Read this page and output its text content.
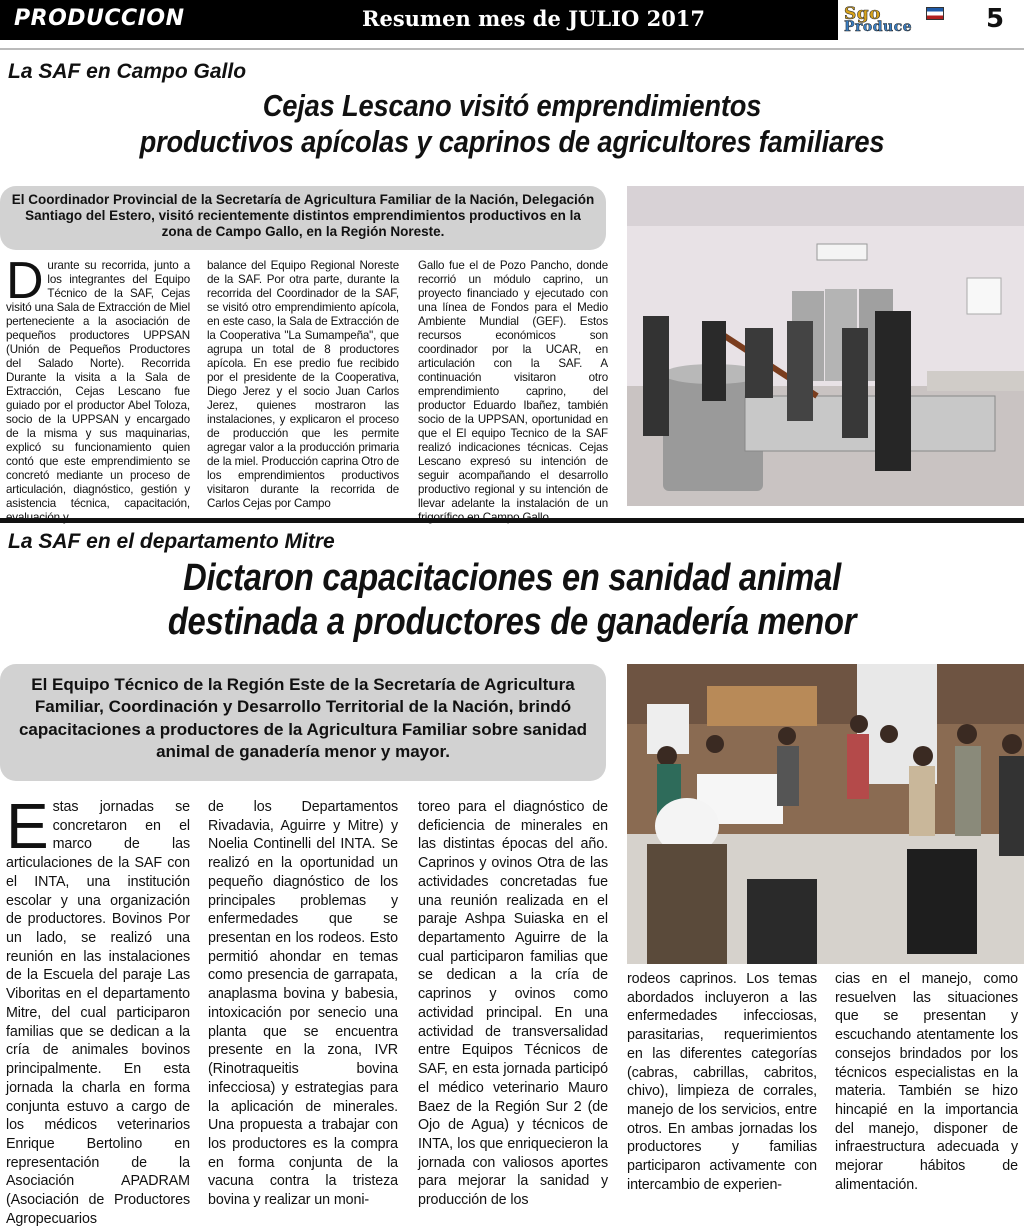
PRODUCCION	Resumen mes de JULIO 2017	Sgo
Produce	5
La SAF en Campo Gallo
Cejas Lescano visitó emprendimientos
productivos apícolas y caprinos de agricultores familiares
El Coordinador Provincial de la Secretaría de Agricultura Familiar de la Nación, Delegación Santiago del Estero, visitó recientemente distintos emprendimientos productivos en la zona de Campo Gallo, en la Región Noreste.
Durante su recorrida, junto a los integrantes del Equipo Técnico de la SAF, Cejas visitó una Sala de Extracción de Miel perteneciente a la asociación de pequeños productores UPPSAN (Unión de Pequeños Productores del Salado Norte). Recorrida Durante la visita a la Sala de Extracción, Cejas Lescano fue guiado por el productor Abel Toloza, socio de la UPPSAN y encargado de la misma y sus maquinarias, explicó su funcionamiento quien contó que este emprendimiento se concretó mediante un proceso de articulación, diagnóstico, gestión y asistencia técnica, capacitación,
balance del Equipo Regional Noreste de la SAF. Por otra parte, durante la recorrida del Coordinador de la SAF, se visitó otro emprendimiento apícola, en este caso, la Sala de Extracción de la Cooperativa "La Sumampeña", que agrupa un total de 8 productores apícola. En ese predio fue recibido por el presidente de la Cooperativa, Diego Jerez y el socio Juan Carlos Jerez, quienes mostraron las instalaciones, y explicaron el proceso de producción que les permite agregar valor a la producción primaria de la miel. Producción caprina Otro de los emprendimientos productivos visitaron durante la recorrida de Carlos Cejas por Campo
Gallo fue el de Pozo Pancho, donde recorrió un módulo caprino, un proyecto financiado y ejecutado con una línea de Fondos para el Medio Ambiente Mundial (GEF). Estos recursos económicos son coordinador por la UCAR, en articulación con la SAF. A continuación visitaron otro emprendimiento caprino, del productor Eduardo Ibañez, también socio de la UPPSAN, oportunidad en que el El equipo Tecnico de la SAF realizó indicaciones técnicas. Cejas Lescano expresó su intención de seguir acompañando el desarrollo productivo regional y su intención de llevar adelante la instalación de un
La SAF en el departamento Mitre
Dictaron capacitaciones en sanidad animal
destinada a productores de ganadería menor
El Equipo Técnico de la Región Este de la Secretaría de Agricultura Familiar, Coordinación y Desarrollo Territorial de la Nación, brindó capacitaciones a productores de la Agricultura Familiar sobre sanidad animal de ganadería menor y mayor.
Estas jornadas se concretaron en el marco de las articulaciones de la SAF con el INTA, una institución escolar y una organización de productores. Bovinos Por un lado, se realizó una reunión en las instalaciones de la Escuela del paraje Las Viboritas en el departamento Mitre, del cual participaron familias que se dedican a la cría de animales bovinos principalmente. En esta jornada la charla en forma conjunta estuvo a cargo de los médicos veterinarios Enrique Bertolino en representación de la Asociación APADRAM (Asociación de Productores Agropecuarios
de los Departamentos Rivadavia, Aguirre y Mitre) y Noelia Continelli del INTA. Se realizó en la oportunidad un pequeño diagnóstico de los principales problemas y enfermedades que se presentan en los rodeos. Esto permitió ahondar en temas como presencia de garrapata, anaplasma bovina y babesia, intoxicación por senecio una planta que se encuentra presente en la zona, IVR (Rinotraqueitis bovina infecciosa) y estrategias para la aplicación de minerales. Una propuesta a trabajar con los productores es la compra en forma conjunta de la vacuna contra la tristeza bovina y realizar un moni-
toreo para el diagnóstico de deficiencia de minerales en las distintas épocas del año. Caprinos y ovinos Otra de las actividades concretadas fue una reunión realizada en el paraje Ashpa Suiaska en el departamento Aguirre de la cual participaron familias que se dedican a la cría de caprinos y ovinos como actividad principal. En una actividad de transversalidad entre Equipos Técnicos de SAF, en esta jornada participó el médico veterinario Mauro Baez de la Región Sur 2 (de Ojo de Agua) y técnicos de INTA, los que enriquecieron la jornada con valiosos aportes para mejorar la sanidad y producción de los
rodeos caprinos. Los temas abordados incluyeron a las enfermedades infecciosas, parasitarias, requerimientos en las diferentes categorías (cabras, cabrillas, cabritos, chivo), limpieza de corrales, manejo de los servicios, entre otros. En ambas jornadas los productores y familias participaron activamente con intercambio de experien-
cias en el manejo, como resuelven las situaciones que se presentan y escuchando atentamente los consejos brindados por los técnicos especialistas en la materia. También se hizo hincapié en la importancia del manejo, disponer de infraestructura adecuada y mejorar hábitos de alimentación.
